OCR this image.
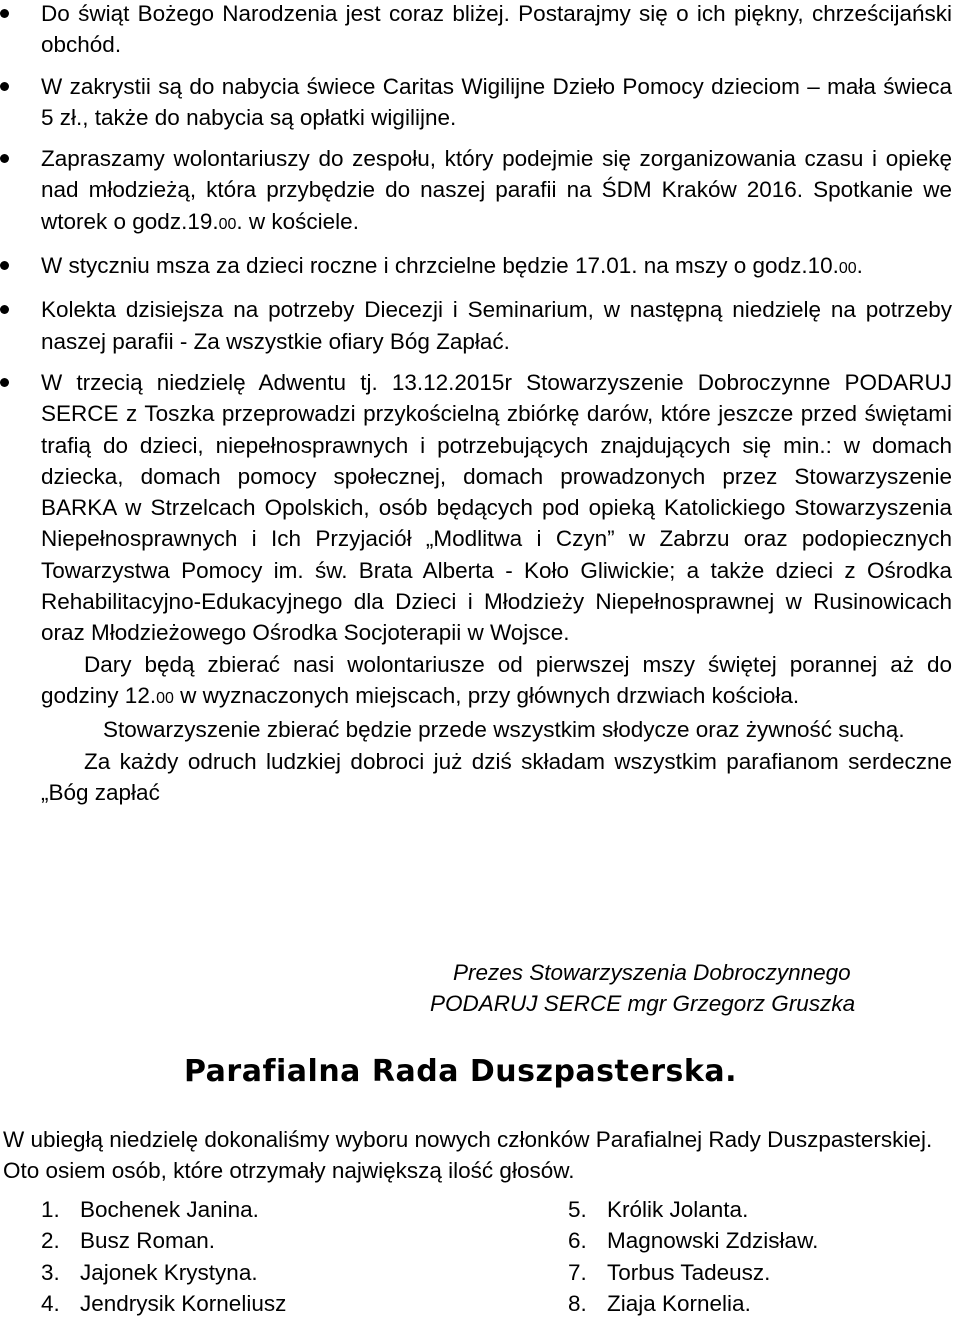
Do świąt Bożego Narodzenia jest coraz bliżej. Postarajmy się o ich piękny, chrześcijański obchód.
W zakrystii są do nabycia świece Caritas Wigilijne Dzieło Pomocy dzieciom – mała świeca 5 zł., także do nabycia są opłatki wigilijne.
Zapraszamy wolontariuszy do zespołu, który podejmie się zorganizowania czasu i opiekę nad młodzieżą, która przybędzie do naszej parafii na ŚDM Kraków 2016. Spotkanie we wtorek o godz.19.00. w kościele.
W styczniu msza za dzieci roczne i chrzcielne będzie 17.01. na mszy o godz.10.00.
Kolekta dzisiejsza na potrzeby Diecezji i Seminarium, w następną niedzielę na potrzeby naszej parafii - Za wszystkie ofiary Bóg Zapłać.
W trzecią niedzielę Adwentu tj. 13.12.2015r Stowarzyszenie Dobroczynne PODARUJ SERCE z Toszka przeprowadzi przykościelną zbiórkę darów, które jeszcze przed świętami trafią do dzieci, niepełnosprawnych i potrzebujących znajdujących się min.: w domach dziecka, domach pomocy społecznej, domach prowadzonych przez Stowarzyszenie BARKA w Strzelcach Opolskich, osób będących pod opieką Katolickiego Stowarzyszenia Niepełnosprawnych i Ich Przyjaciół „Modlitwa i Czyn” w Zabrzu oraz podopiecznych Towarzystwa Pomocy im. św. Brata Alberta - Koło Gliwickie; a także dzieci z Ośrodka Rehabilitacyjno-Edukacyjnego dla Dzieci i Młodzieży Niepełnosprawnej w Rusinowicach oraz Młodzieżowego Ośrodka Socjoterapii w Wojsce.
Dary będą zbierać nasi wolontariusze od pierwszej mszy świętej porannej aż do godziny 12.00 w wyznaczonych miejscach, przy głównych drzwiach kościoła.
Stowarzyszenie zbierać będzie przede wszystkim słodycze oraz żywność suchą.
Za każdy odruch ludzkiej dobroci już dziś składam wszystkim parafianom serdeczne „Bóg zapłać
Prezes Stowarzyszenia Dobroczynnego
PODARUJ SERCE mgr Grzegorz Gruszka
Parafialna Rada Duszpasterska.
W ubiegłą niedzielę dokonaliśmy wyboru nowych członków Parafialnej Rady Duszpasterskiej. Oto osiem osób, które otrzymały największą ilość głosów.
1. Bochenek Janina.
2. Busz Roman.
3. Jajonek Krystyna.
4. Jendrysik Korneliusz
5. Królik Jolanta.
6. Magnowski Zdzisław.
7. Torbus Tadeusz.
8. Ziaja Kornelia.
